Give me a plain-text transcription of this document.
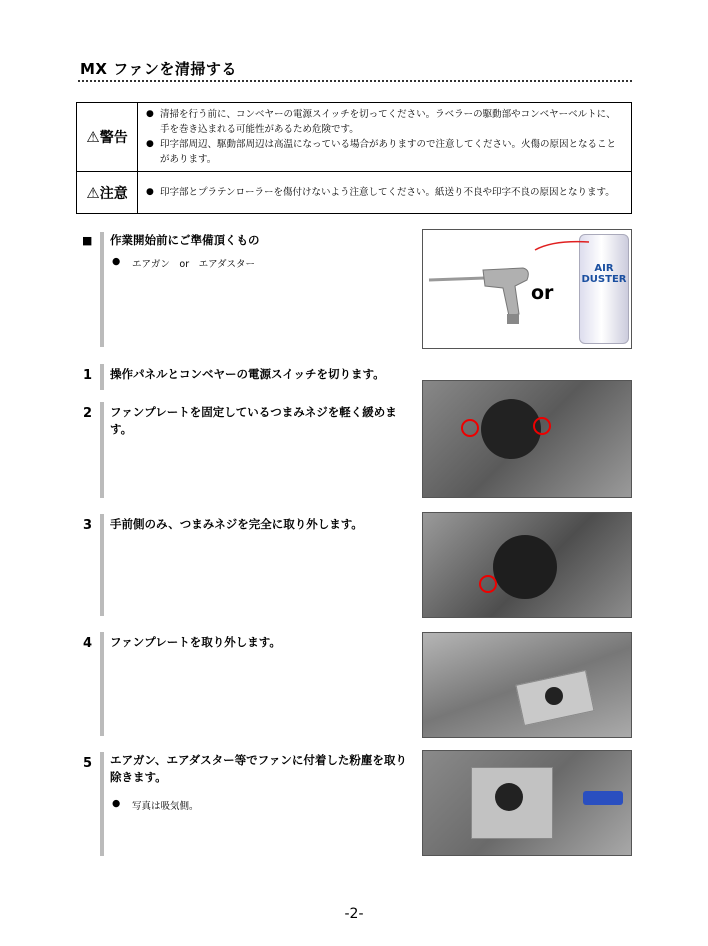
MX ファンを清掃する
⚠警告	● 清掃を行う前に、コンベヤーの電源スイッチを切ってください。ラベラーの駆動部やコンベヤーベルトに、手を巻き込まれる可能性があるため危険です。
● 印字部周辺、駆動部周辺は高温になっている場合がありますので注意してください。火傷の原因となることがあります。

⚠注意	● 印字部とプラテンローラーを傷付けないよう注意してください。紙送り不良や印字不良の原因となります。
■ 作業開始前にご準備頂くもの
●	エアガン　or　エアダスター
or
AIR
DUSTER
1 操作パネルとコンベヤーの電源スイッチを切ります。
2 ファンプレートを固定しているつまみネジを軽く緩めます。
3 手前側のみ、つまみネジを完全に取り外します。
4 ファンプレートを取り外します。
5 エアガン、エアダスター等でファンに付着した粉塵を取り除きます。
●	写真は吸気側。
-2-
